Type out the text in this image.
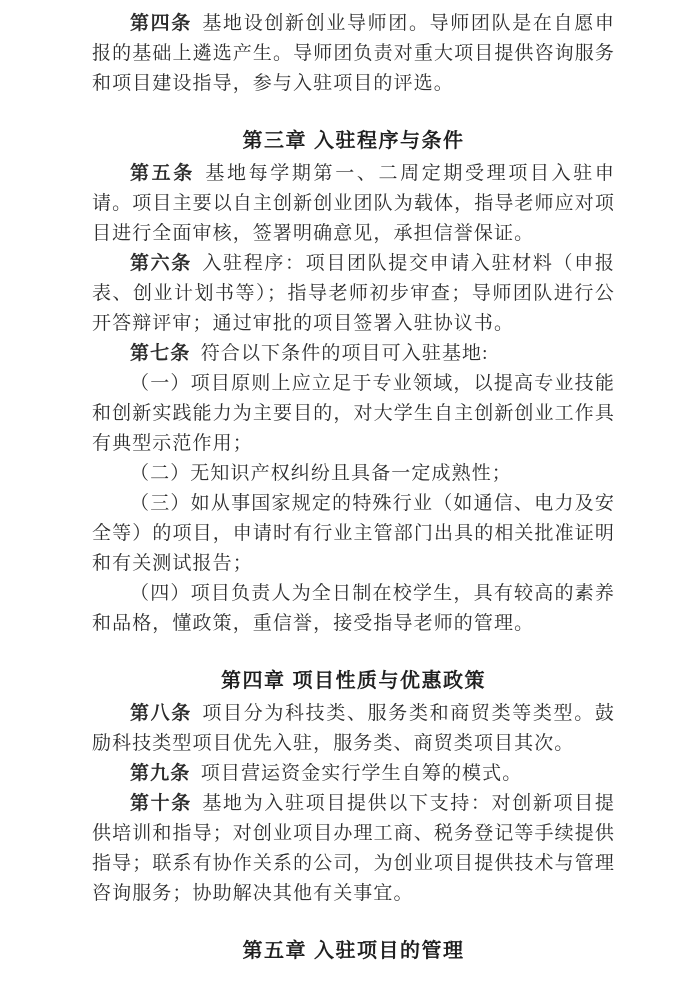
第四条 基地设创新创业导师团。导师团队是在自愿申报的基础上遴选产生。导师团负责对重大项目提供咨询服务和项目建设指导，参与入驻项目的评选。

第三章 入驻程序与条件

第五条 基地每学期第一、二周定期受理项目入驻申请。项目主要以自主创新创业团队为载体，指导老师应对项目进行全面审核，签署明确意见，承担信誉保证。

第六条 入驻程序：项目团队提交申请入驻材料（申报表、创业计划书等）；指导老师初步审查；导师团队进行公开答辩评审；通过审批的项目签署入驻协议书。

第七条 符合以下条件的项目可入驻基地:

（一）项目原则上应立足于专业领域，以提高专业技能和创新实践能力为主要目的，对大学生自主创新创业工作具有典型示范作用；

（二）无知识产权纠纷且具备一定成熟性；

（三）如从事国家规定的特殊行业（如通信、电力及安全等）的项目，申请时有行业主管部门出具的相关批准证明和有关测试报告；

（四）项目负责人为全日制在校学生，具有较高的素养和品格，懂政策，重信誉，接受指导老师的管理。

第四章 项目性质与优惠政策

第八条 项目分为科技类、服务类和商贸类等类型。鼓励科技类型项目优先入驻，服务类、商贸类项目其次。

第九条 项目营运资金实行学生自筹的模式。

第十条 基地为入驻项目提供以下支持：对创新项目提供培训和指导；对创业项目办理工商、税务登记等手续提供指导；联系有协作关系的公司，为创业项目提供技术与管理咨询服务；协助解决其他有关事宜。

第五章 入驻项目的管理
